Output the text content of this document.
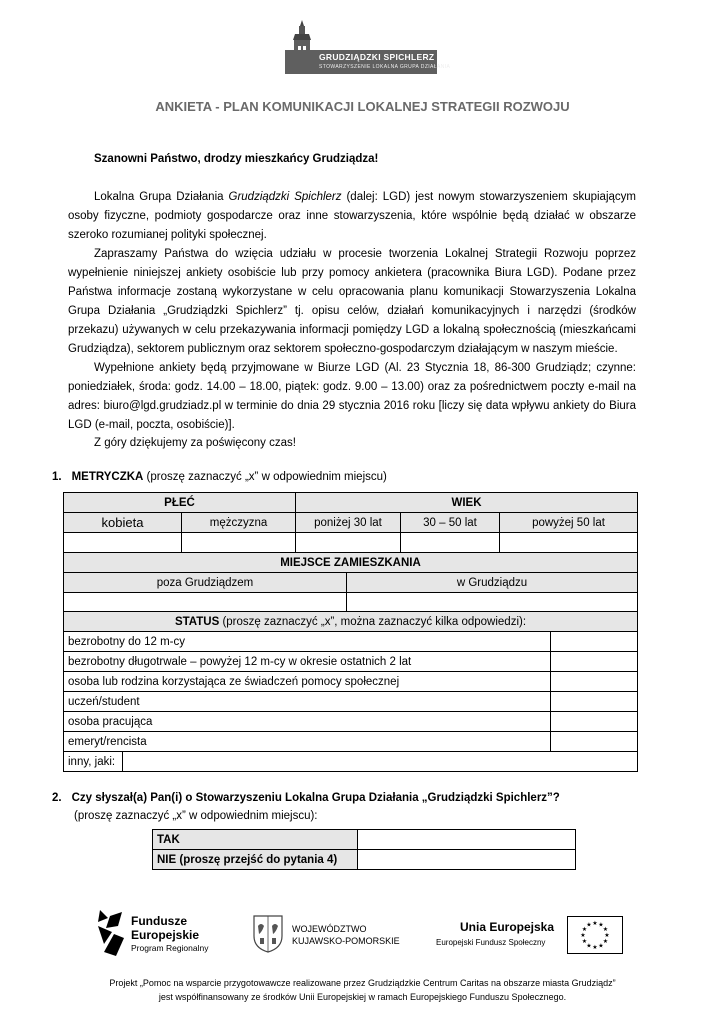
GRUDZIĄDZKI SPICHLERZ
STOWARZYSZENIE LOKALNA GRUPA DZIAŁANIA
ANKIETA - PLAN KOMUNIKACJI LOKALNEJ STRATEGII ROZWOJU
Szanowni Państwo, drodzy mieszkańcy Grudziądza!
Lokalna Grupa Działania Grudziądzki Spichlerz (dalej: LGD) jest nowym stowarzyszeniem skupiającym osoby fizyczne, podmioty gospodarcze oraz inne stowarzyszenia, które wspólnie będą działać w obszarze szeroko rozumianej polityki społecznej.
Zapraszamy Państwa do wzięcia udziału w procesie tworzenia Lokalnej Strategii Rozwoju poprzez wypełnienie niniejszej ankiety osobiście lub przy pomocy ankietera (pracownika Biura LGD). Podane przez Państwa informacje zostaną wykorzystane w celu opracowania planu komunikacji Stowarzyszenia Lokalna Grupa Działania „Grudziądzki Spichlerz” tj. opisu celów, działań komunikacyjnych i narzędzi (środków przekazu) używanych w celu przekazywania informacji pomiędzy LGD a lokalną społecznością (mieszkańcami Grudziądza), sektorem publicznym oraz sektorem społeczno-gospodarczym działającym w naszym mieście.
Wypełnione ankiety będą przyjmowane w Biurze LGD (Al. 23 Stycznia 18, 86-300 Grudziądz; czynne: poniedziałek, środa: godz. 14.00 – 18.00, piątek: godz. 9.00 – 13.00) oraz za pośrednictwem poczty e-mail na adres: biuro@lgd.grudziadz.pl w terminie do dnia 29 stycznia 2016 roku [liczy się data wpływu ankiety do Biura LGD (e-mail, poczta, osobiście)].
Z góry dziękujemy za poświęcony czas!
1. METRYCZKA (proszę zaznaczyć „x” w odpowiednim miejscu)
PŁEĆ		WIEK		
kobieta	mężczyzna	poniżej 30 lat	30 – 50 lat	powyżej 50 lat

MIEJSCE ZAMIESZKANIA	
poza Grudziądzem	w Grudziądzu

STATUS (proszę zaznaczyć „x”, można zaznaczyć kilka odpowiedzi):		
bezrobotny do 12 m-cy		
bezrobotny długotrwale – powyżej 12 m-cy w okresie ostatnich 2 lat		
osoba lub rodzina korzystająca ze świadczeń pomocy społecznej		
uczeń/student		
osoba pracująca		
emeryt/rencista		
inny, jaki:		
2. Czy słyszał(a) Pan(i) o Stowarzyszeniu Lokalna Grupa Działania „Grudziądzki Spichlerz”?
(proszę zaznaczyć „x” w odpowiednim miejscu):
TAK	
NIE (proszę przejść do pytania 4)	
Fundusze
Europejskie
Program Regionalny
WOJEWÓDZTWO
KUJAWSKO-POMORSKIE
Unia Europejska
Europejski Fundusz Społeczny
★ ★
★
★
★
★
★
★
★
★
★
★
Projekt „Pomoc na wsparcie przygotowawcze realizowane przez Grudziądzkie Centrum Caritas na obszarze miasta Grudziądz”
jest współfinansowany ze środków Unii Europejskiej w ramach Europejskiego Funduszu Społecznego.
